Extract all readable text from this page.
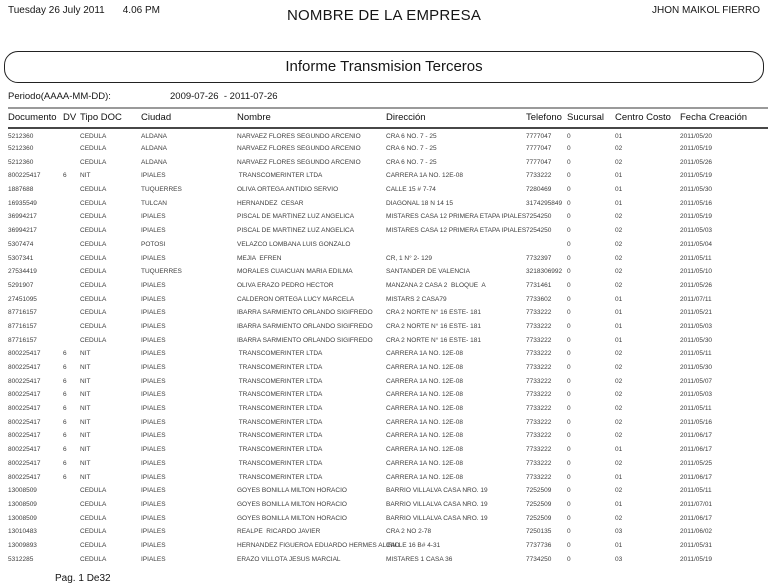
Tuesday 26 July 2011 4.06 PM	NOMBRE DE LA EMPRESA	JHON MAIKOL FIERRO
Informe Transmision Terceros
Periodo(AAAA-MM-DD):	2009-07-26  - 2011-07-26
Documento	DV	Tipo DOC	Ciudad	Nombre	Dirección	Telefono	Sucursal	Centro Costo	Fecha Creación
5212360		CEDULA	ALDANA	NARVAEZ FLORES SEGUNDO ARCENIO	CRA 6 NO. 7 - 25	7777047	0	01	2011/05/20
5212360		CEDULA	ALDANA	NARVAEZ FLORES SEGUNDO ARCENIO	CRA 6 NO. 7 - 25	7777047	0	02	2011/05/19
5212360		CEDULA	ALDANA	NARVAEZ FLORES SEGUNDO ARCENIO	CRA 6 NO. 7 - 25	7777047	0	02	2011/05/26
800225417	6	NIT	IPIALES	TRANSCOMERINTER LTDA	CARRERA 1A NO. 12E-08	7733222	0	01	2011/05/19
1887688		CEDULA	TUQUERRES	OLIVA ORTEGA ANTIDIO SERVIO	CALLE 15 # 7-74	7280469	0	01	2011/05/30
16935549		CEDULA	TULCAN	HERNANDEZ  CESAR	DIAGONAL 18 N 14 15	3174295849	0	01	2011/05/16
36994217		CEDULA	IPIALES	PISCAL DE MARTINEZ LUZ ANGELICA	MISTARES CASA 12 PRIMERA ETAPA IPIALES	7254250	0	02	2011/05/19
36994217		CEDULA	IPIALES	PISCAL DE MARTINEZ LUZ ANGELICA	MISTARES CASA 12 PRIMERA ETAPA IPIALES	7254250	0	02	2011/05/03
5307474		CEDULA	POTOSI	VELAZCO LOMBANA LUIS GONZALO			0	02	2011/05/04
5307341		CEDULA	IPIALES	MEJIA  EFREN	CR, 1 N° 2- 129	7732397	0	02	2011/05/11
27534419		CEDULA	TUQUERRES	MORALES CUAICUAN MARIA EDILMA	SANTANDER DE VALENCIA	3218306992	0	02	2011/05/10
5291907		CEDULA	IPIALES	OLIVA ERAZO PEDRO HECTOR	MANZANA 2 CASA 2  BLOQUE  A	7731461	0	02	2011/05/26
27451095		CEDULA	IPIALES	CALDERON ORTEGA LUCY MARCELA	MISTARS 2 CASA79	7733602	0	01	2011/07/11
87716157		CEDULA	IPIALES	IBARRA SARMIENTO ORLANDO SIGIFREDO	CRA 2 NORTE N° 16 ESTE- 181	7733222	0	01	2011/05/21
87716157		CEDULA	IPIALES	IBARRA SARMIENTO ORLANDO SIGIFREDO	CRA 2 NORTE N° 16 ESTE- 181	7733222	0	01	2011/05/03
87716157		CEDULA	IPIALES	IBARRA SARMIENTO ORLANDO SIGIFREDO	CRA 2 NORTE N° 16 ESTE- 181	7733222	0	01	2011/05/30
800225417	6	NIT	IPIALES	TRANSCOMERINTER LTDA	CARRERA 1A NO. 12E-08	7733222	0	02	2011/05/11
800225417	6	NIT	IPIALES	TRANSCOMERINTER LTDA	CARRERA 1A NO. 12E-08	7733222	0	02	2011/05/30
800225417	6	NIT	IPIALES	TRANSCOMERINTER LTDA	CARRERA 1A NO. 12E-08	7733222	0	02	2011/05/07
800225417	6	NIT	IPIALES	TRANSCOMERINTER LTDA	CARRERA 1A NO. 12E-08	7733222	0	02	2011/05/03
800225417	6	NIT	IPIALES	TRANSCOMERINTER LTDA	CARRERA 1A NO. 12E-08	7733222	0	02	2011/05/11
800225417	6	NIT	IPIALES	TRANSCOMERINTER LTDA	CARRERA 1A NO. 12E-08	7733222	0	02	2011/05/16
800225417	6	NIT	IPIALES	TRANSCOMERINTER LTDA	CARRERA 1A NO. 12E-08	7733222	0	02	2011/06/17
800225417	6	NIT	IPIALES	TRANSCOMERINTER LTDA	CARRERA 1A NO. 12E-08	7733222	0	01	2011/06/17
800225417	6	NIT	IPIALES	TRANSCOMERINTER LTDA	CARRERA 1A NO. 12E-08	7733222	0	02	2011/05/25
800225417	6	NIT	IPIALES	TRANSCOMERINTER LTDA	CARRERA 1A NO. 12E-08	7733222	0	01	2011/06/17
13008509		CEDULA	IPIALES	GOYES BONILLA MILTON HORACIO	BARRIO VILLALVA CASA NRO. 19	7252509	0	02	2011/05/11
13008509		CEDULA	IPIALES	GOYES BONILLA MILTON HORACIO	BARRIO VILLALVA CASA NRO. 19	7252509	0	01	2011/07/01
13008509		CEDULA	IPIALES	GOYES BONILLA MILTON HORACIO	BARRIO VILLALVA CASA NRO. 19	7252509	0	02	2011/06/17
13010483		CEDULA	IPIALES	REALPE  RICARDO JAVIER	CRA 2 NO 2-78	7250135	0	03	2011/06/02
13009893		CEDULA	IPIALES	HERNANDEZ FIGUEROA EDUARDO HERMES ALIRIO	CALLE 16 B# 4-31	7737736	0	01	2011/05/31
5312285		CEDULA	IPIALES	ERAZO VILLOTA JESUS MARCIAL	MISTARES 1 CASA 36	7734250	0	03	2011/05/19
Pag. 1 De32
